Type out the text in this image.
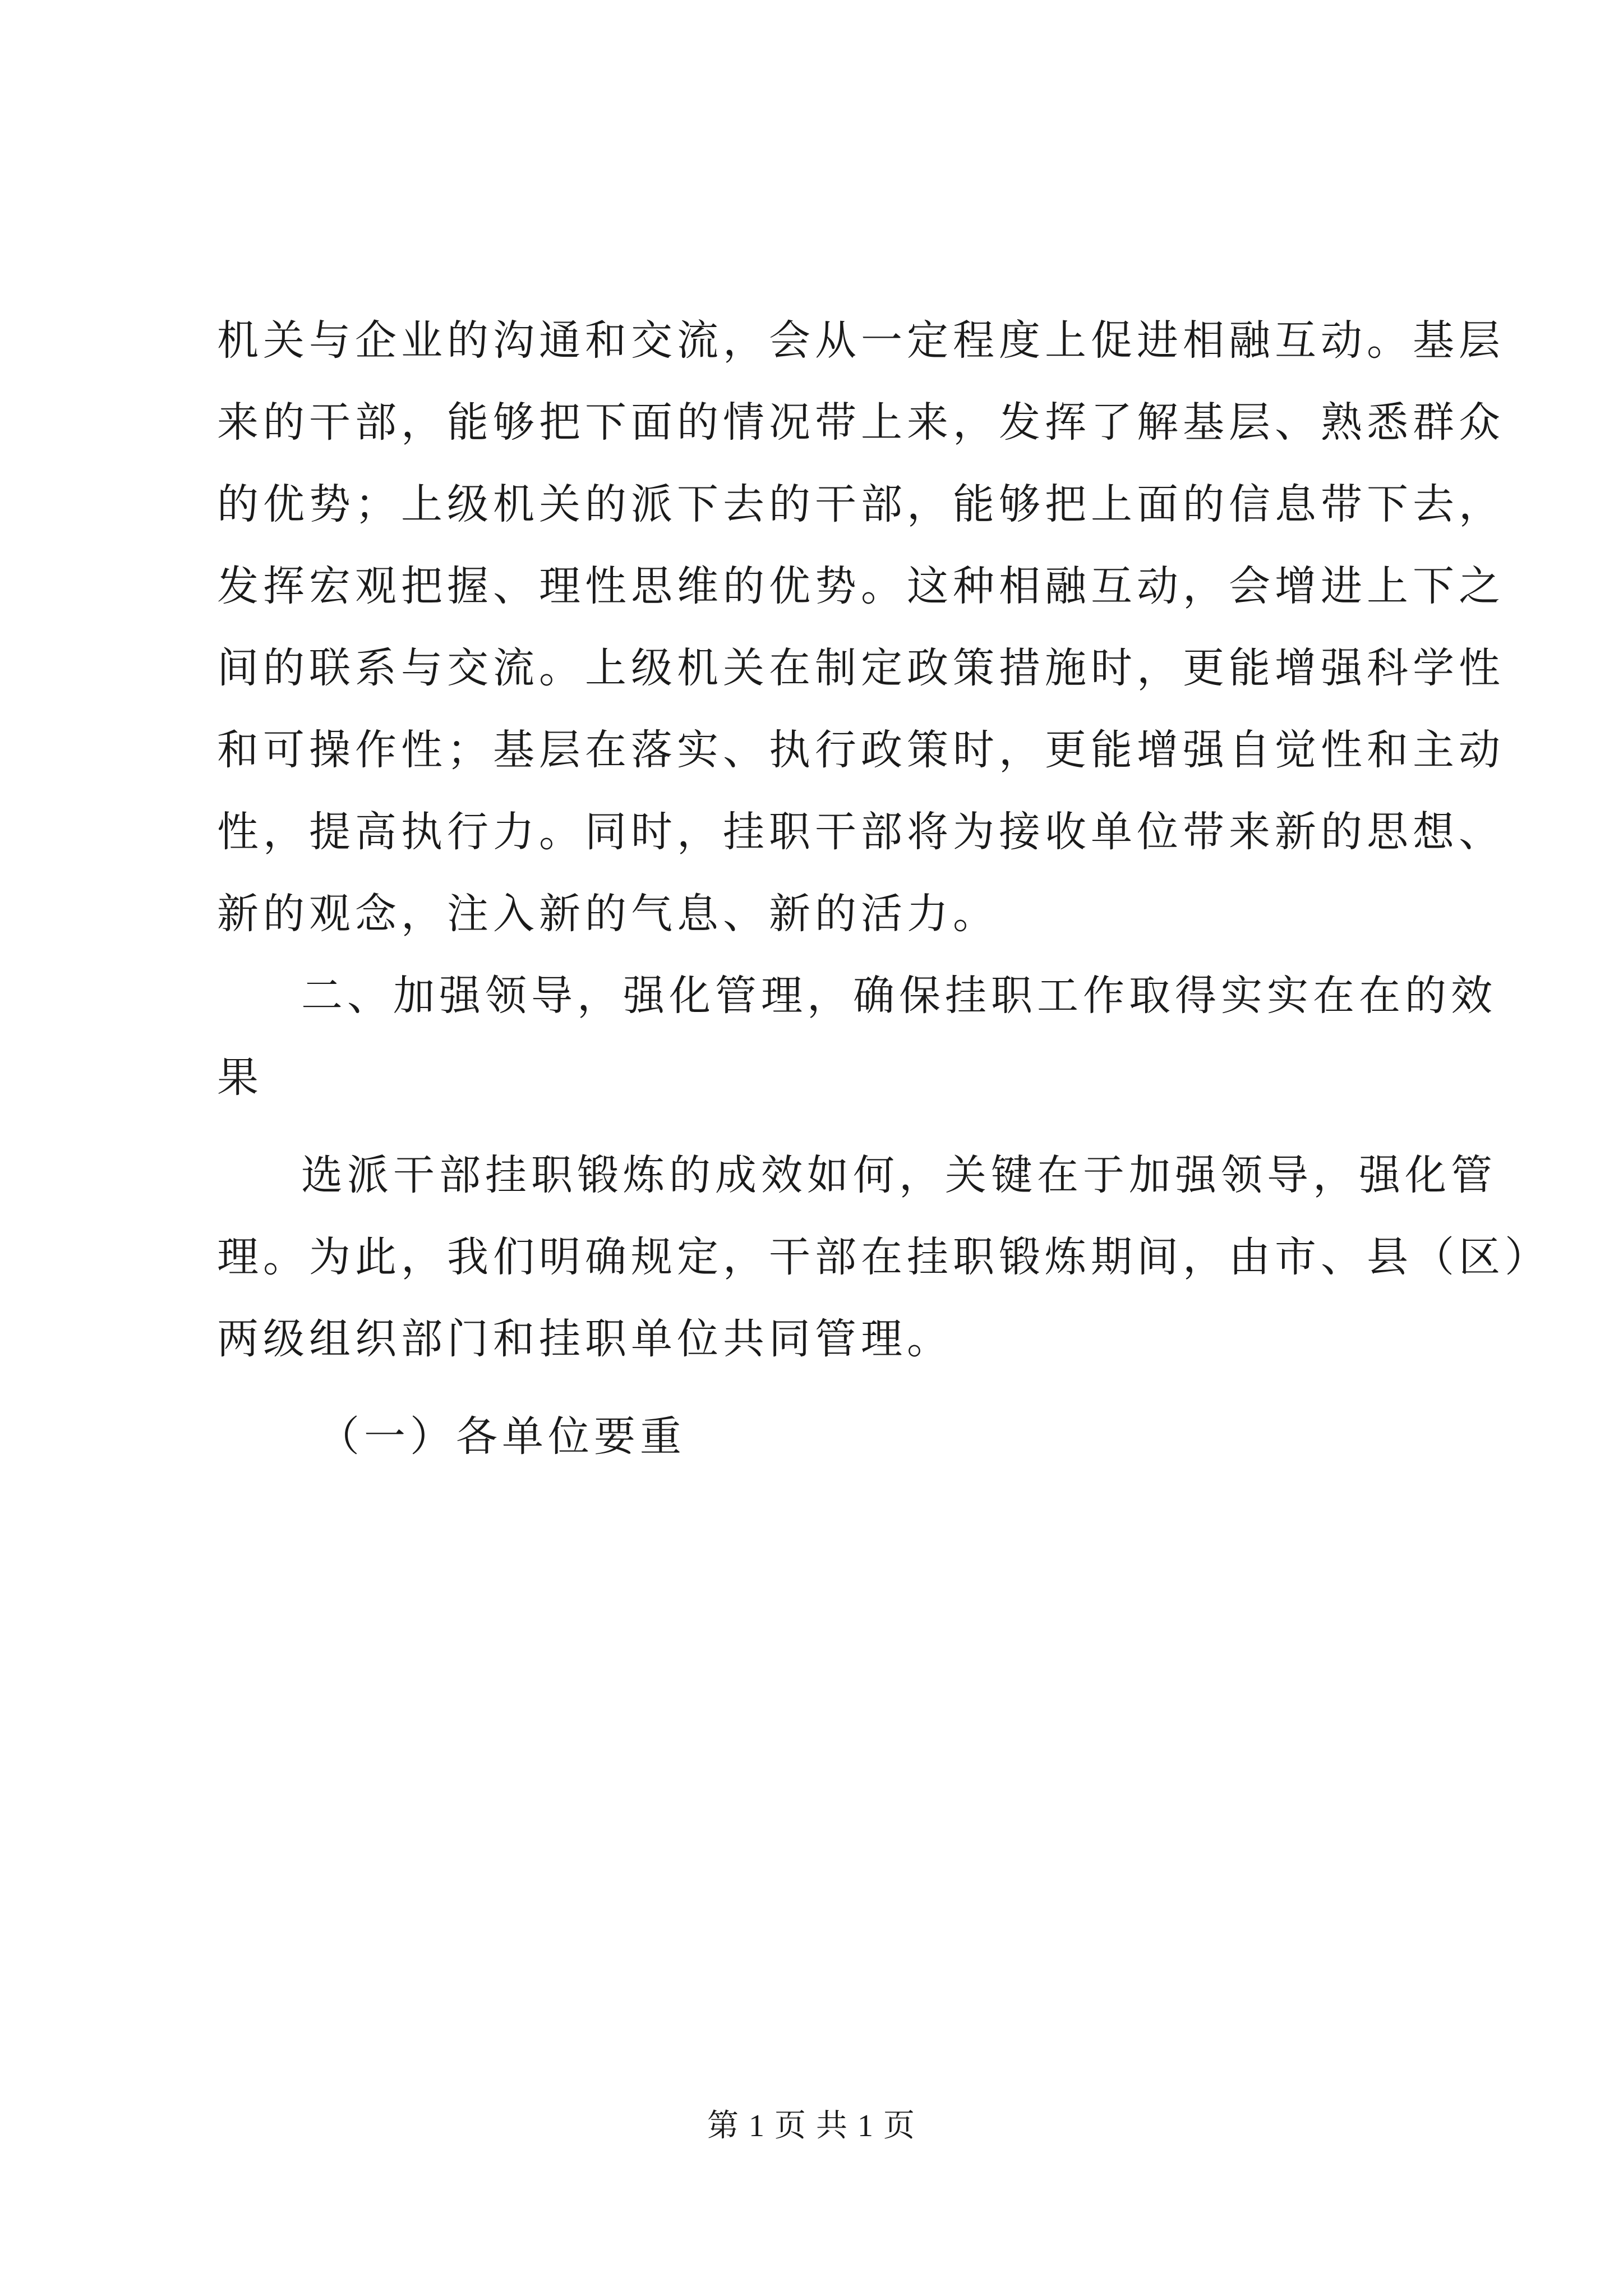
机关与企业的沟通和交流，会从一定程度上促进相融互动。基层
来的干部，能够把下面的情况带上来，发挥了解基层、熟悉群众
的优势；上级机关的派下去的干部，能够把上面的信息带下去，
发挥宏观把握、理性思维的优势。这种相融互动，会增进上下之
间的联系与交流。上级机关在制定政策措施时，更能增强科学性
和可操作性；基层在落实、执行政策时，更能增强自觉性和主动
性，提高执行力。同时，挂职干部将为接收单位带来新的思想、
新的观念，注入新的气息、新的活力。
二、加强领导，强化管理，确保挂职工作取得实实在在的效
果
选派干部挂职锻炼的成效如何，关键在于加强领导，强化管
理。为此，我们明确规定，干部在挂职锻炼期间，由市、县（区）
两级组织部门和挂职单位共同管理。
（一）各单位要重
第 1 页 共 1 页
